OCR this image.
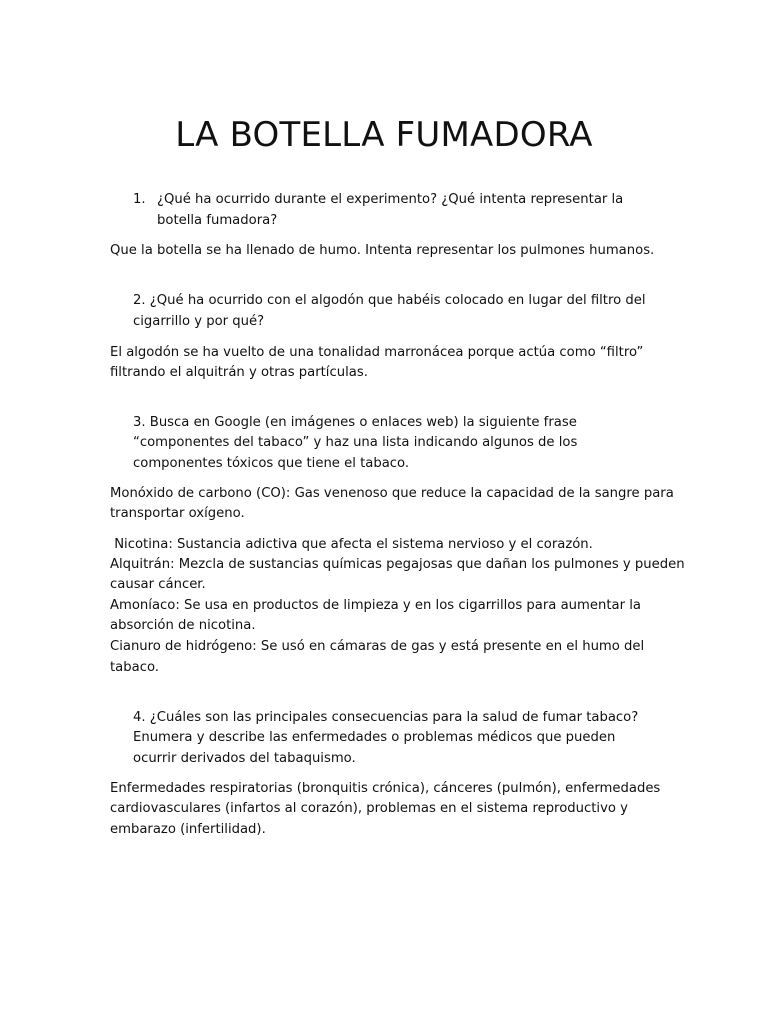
LA BOTELLA FUMADORA
1. ¿Qué ha ocurrido durante el experimento? ¿Qué intenta representar la

botella fumadora?

Que la botella se ha llenado de humo. Intenta representar los pulmones humanos.

2. ¿Qué ha ocurrido con el algodón que habéis colocado en lugar del filtro del

cigarrillo y por qué?

El algodón se ha vuelto de una tonalidad marronácea porque actúa como “filtro”

filtrando el alquitrán y otras partículas.

3. Busca en Google (en imágenes o enlaces web) la siguiente frase

“componentes del tabaco” y haz una lista indicando algunos de los

componentes tóxicos que tiene el tabaco.

Monóxido de carbono (CO): Gas venenoso que reduce la capacidad de la sangre para

transportar oxígeno.

Nicotina: Sustancia adictiva que afecta el sistema nervioso y el corazón.

Alquitrán: Mezcla de sustancias químicas pegajosas que dañan los pulmones y pueden

causar cáncer.

Amoníaco: Se usa en productos de limpieza y en los cigarrillos para aumentar la

absorción de nicotina.

Cianuro de hidrógeno: Se usó en cámaras de gas y está presente en el humo del

tabaco.

4. ¿Cuáles son las principales consecuencias para la salud de fumar tabaco?

Enumera y describe las enfermedades o problemas médicos que pueden

ocurrir derivados del tabaquismo.

Enfermedades respiratorias (bronquitis crónica), cánceres (pulmón), enfermedades

cardiovasculares (infartos al corazón), problemas en el sistema reproductivo y

embarazo (infertilidad).
